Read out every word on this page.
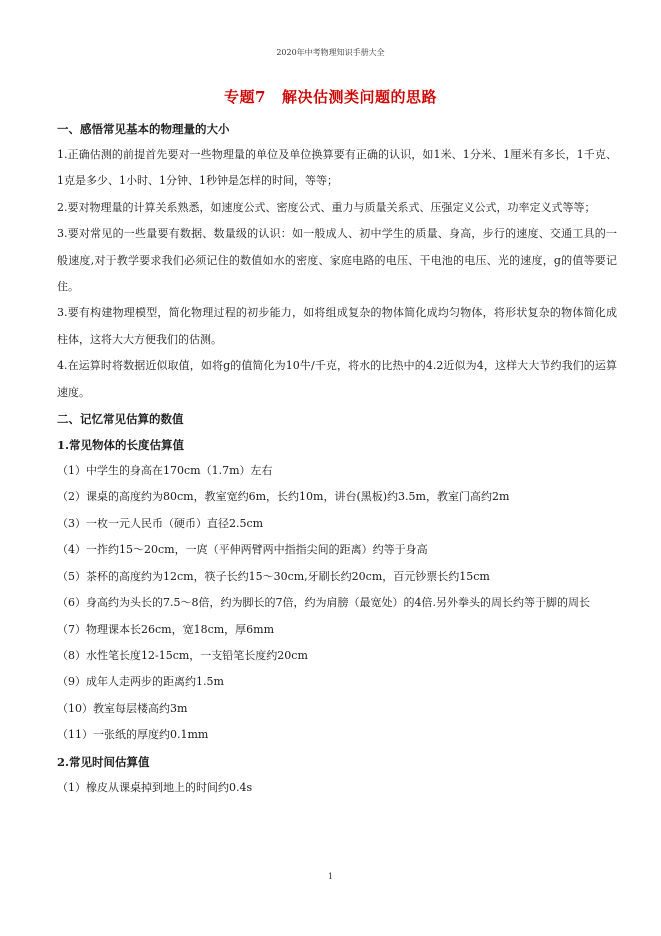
2020年中考物理知识手册大全
专题7 解决估测类问题的思路
一、感悟常见基本的物理量的大小

1.正确估测的前提首先要对一些物理量的单位及单位换算要有正确的认识，如1米、1分米、1厘米有多长，1千克、1克是多少、1小时、1分钟、1秒钟是怎样的时间，等等；

2.要对物理量的计算关系熟悉，如速度公式、密度公式、重力与质量关系式、压强定义公式，功率定义式等等；

3.要对常见的一些量要有数据、数量级的认识：如一般成人、初中学生的质量、身高，步行的速度、交通工具的一般速度,对于教学要求我们必须记住的数值如水的密度、家庭电路的电压、干电池的电压、光的速度，g的值等要记住。

3.要有构建物理模型，简化物理过程的初步能力，如将组成复杂的物体简化成均匀物体，将形状复杂的物体简化成柱体，这将大大方便我们的估测。

4.在运算时将数据近似取值，如将g的值简化为10牛/千克，将水的比热中的4.2近似为4，这样大大节约我们的运算速度。

二、记忆常见估算的数值
1.常见物体的长度估算值

（1）中学生的身高在170cm（1.7m）左右

（2）课桌的高度约为80cm，教室宽约6m，长约10m，讲台(黑板)约3.5m，教室门高约2m

（3）一枚一元人民币（硬币）直径2.5cm

（4）一拃约15～20cm，一庹（平伸两臂两中指指尖间的距离）约等于身高

（5）茶杯的高度约为12cm，筷子长约15～30cm,牙刷长约20cm，百元钞票长约15cm

（6）身高约为头长的7.5～8倍，约为脚长的7倍，约为肩膀（最宽处）的4倍.另外拳头的周长约等于脚的周长

（7）物理课本长26cm，宽18cm，厚6mm

（8）水性笔长度12-15cm，一支铅笔长度约20cm

（9）成年人走两步的距离约1.5m

（10）教室每层楼高约3m

（11）一张纸的厚度约0.1mm

2.常见时间估算值

（1）橡皮从课桌掉到地上的时间约0.4s

1
